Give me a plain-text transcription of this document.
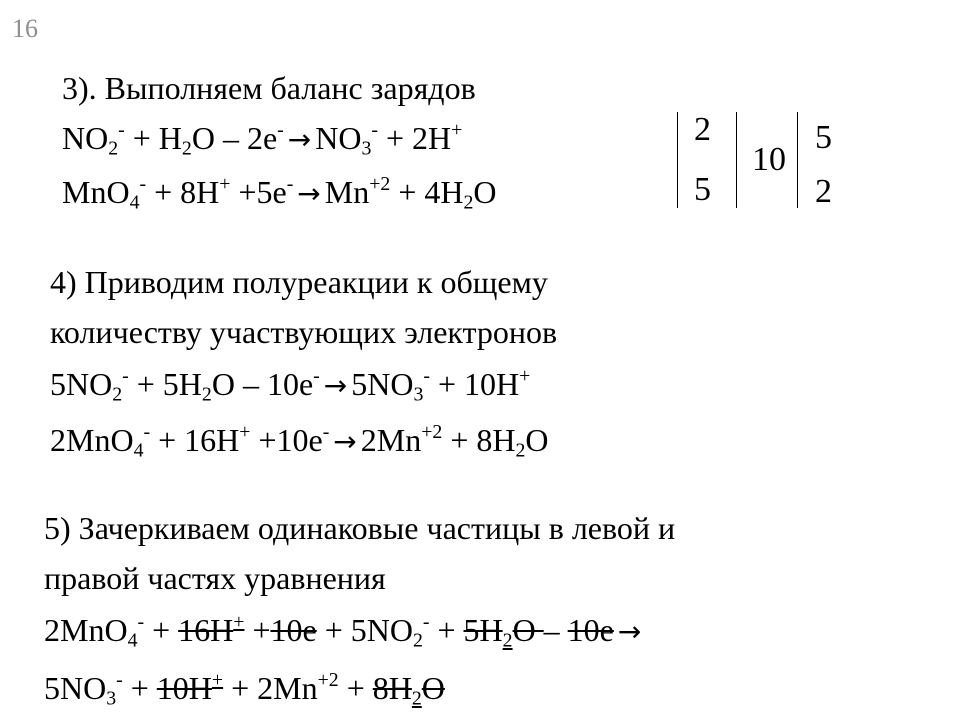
16
3). Выполняем баланс зарядов
$NO_2^- + H_2O - 2e^- \to NO_3^- + 2H^+$
$MnO_4^- + 8H^+ +5e^- \to Mn^{+2} + 4H_2O$
2
5
10
5
2
4) Приводим полуреакции к общему
количеству участвующих электронов
$5NO_2^- + 5H_2O - 10e^- \to 5NO_3^- + 10H^+$
$2MnO_4^- + 16H^+ +10e^- \to 2Mn^{+2} + 8H_2O$
5) Зачеркиваем одинаковые частицы в левой и
правой частях уравнения
$2MnO_4^- + 16H^+ +10e + 5NO_2^- + 5H_2O - 10e$ →
$5NO_3^- + 10H^+ + 2Mn^{+2} + 8H_2O$
